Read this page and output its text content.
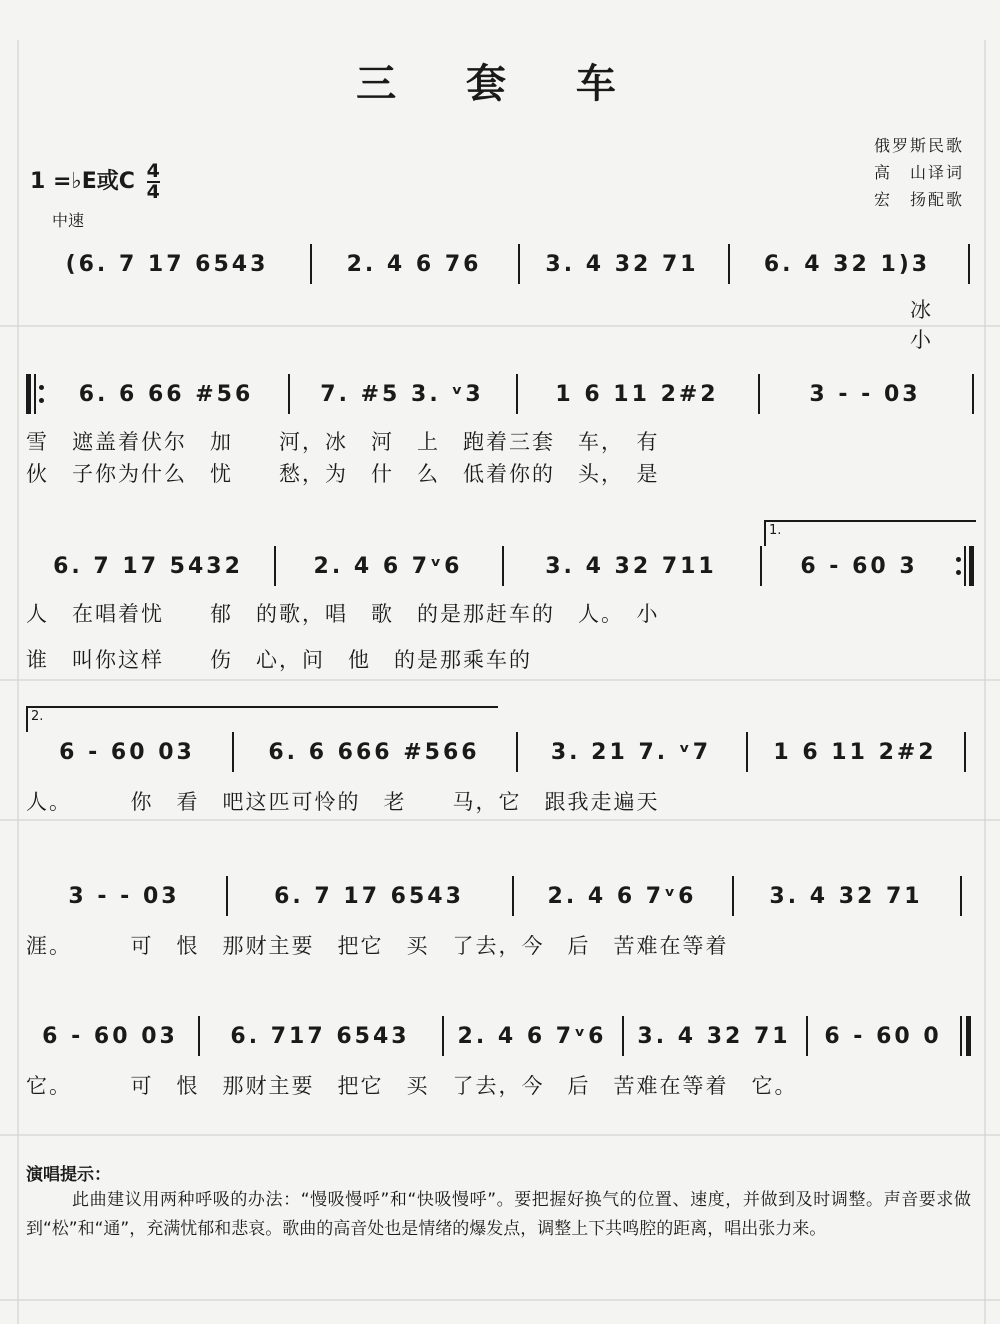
三 套 车
1 =♭E或C $\frac{4}{4}$
中速
俄罗斯民歌
高　山译词
宏　扬配歌
(6. 7 17 6543	2. 4 6 76	3. 4 32 71	6. 4 32 1)3
冰
小
6. 6 66 #56	7. #5 3. ᵛ3	1 6 11 2#2	3 - - 03
雪　遮盖着伏尔　加　　河，冰　河　上　跑着三套　车，　有
伙　子你为什么　忧　　愁，为　什　么　低着你的　头，　是
1.
6. 7 17 5432	2. 4 6 7ᵛ6	3. 4 32 711	6 - 60 3
人　在唱着忧　　郁　的歌，唱　歌　的是那赶车的　人。　小
谁　叫你这样　　伤　心，问　他　的是那乘车的
2.
6 - 60 03	6. 6 666 #566	3. 21 7. ᵛ7	1 6 11 2#2
人。　　　你　看　吧这匹可怜的　老　　马，它　跟我走遍天
3 - - 03	6. 7 17 6543	2. 4 6 7ᵛ6	3. 4 32 71
涯。　　　可　恨　那财主要　把它　买　了去，今　后　苦难在等着
6 - 60 03	6. 717 6543	2. 4 6 7ᵛ6	3. 4 32 71	6 - 60 0
它。　　　可　恨　那财主要　把它　买　了去，今　后　苦难在等着　它。
演唱提示：
此曲建议用两种呼吸的办法：“慢吸慢呼”和“快吸慢呼”。要把握好换气的位置、速度，并做到及时调整。声音要求做到“松”和“通”，充满忧郁和悲哀。歌曲的高音处也是情绪的爆发点，调整上下共鸣腔的距离，唱出张力来。
